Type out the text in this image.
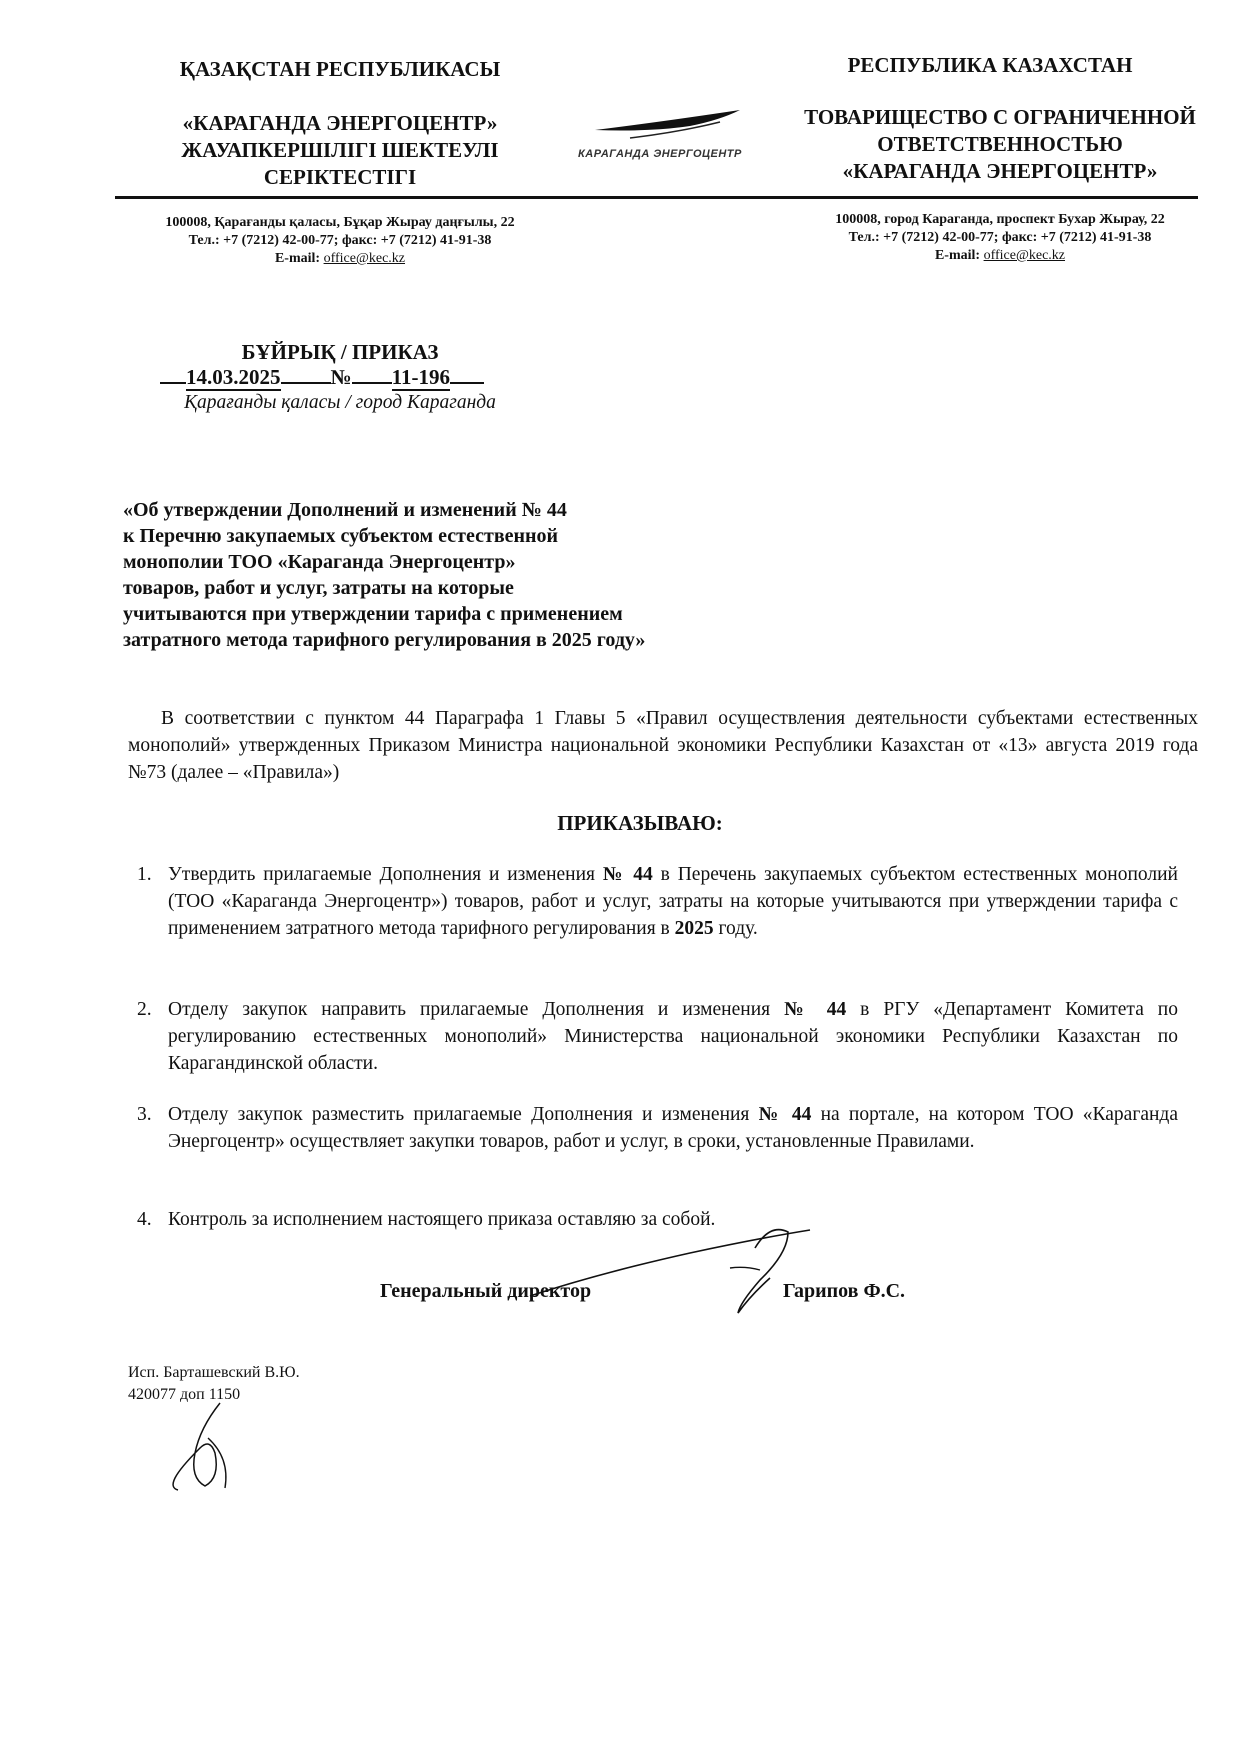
ҚАЗАҚСТАН РЕСПУБЛИКАСЫ
«КАРАГАНДА ЭНЕРГОЦЕНТР»
ЖАУАПКЕРШІЛІГІ ШЕКТЕУЛІ
СЕРІКТЕСТІГІ
КАРАГАНДА ЭНЕРГОЦЕНТР
РЕСПУБЛИКА КАЗАХСТАН
ТОВАРИЩЕСТВО С ОГРАНИЧЕННОЙ
ОТВЕТСТВЕННОСТЬЮ
«КАРАГАНДА ЭНЕРГОЦЕНТР»
100008, Қарағанды қаласы, Бұқар Жырау даңғылы, 22
Тел.: +7 (7212) 42-00-77; факс: +7 (7212) 41-91-38
E-mail: office@kec.kz
100008, город Караганда, проспект Бухар Жырау, 22
Тел.: +7 (7212) 42-00-77; факс: +7 (7212) 41-91-38
E-mail: office@kec.kz
БҰЙРЫҚ / ПРИКАЗ
14.03.2025 № 11-196
Қарағанды қаласы / город Караганда
«Об утверждении Дополнений и изменений № 44
к Перечню закупаемых субъектом естественной
монополии ТОО «Караганда Энергоцентр»
товаров, работ и услуг, затраты на которые
учитываются при утверждении тарифа с применением
затратного метода тарифного регулирования в 2025 году»
В соответствии с пунктом 44 Параграфа 1 Главы 5 «Правил осуществления деятельности субъектами естественных монополий» утвержденных Приказом Министра национальной экономики Республики Казахстан от «13» августа 2019 года №73 (далее – «Правила»)
ПРИКАЗЫВАЮ:
1. Утвердить прилагаемые Дополнения и изменения № 44 в Перечень закупаемых субъектом естественных монополий (ТОО «Караганда Энергоцентр») товаров, работ и услуг, затраты на которые учитываются при утверждении тарифа с применением затратного метода тарифного регулирования в 2025 году.
2. Отделу закупок направить прилагаемые Дополнения и изменения № 44 в РГУ «Департамент Комитета по регулированию естественных монополий» Министерства национальной экономики Республики Казахстан по Карагандинской области.
3. Отделу закупок разместить прилагаемые Дополнения и изменения № 44 на портале, на котором ТОО «Караганда Энергоцентр» осуществляет закупки товаров, работ и услуг, в сроки, установленные Правилами.
4. Контроль за исполнением настоящего приказа оставляю за собой.
Генеральный директор	Гарипов Ф.С.
Исп. Барташевский В.Ю.
420077 доп 1150
